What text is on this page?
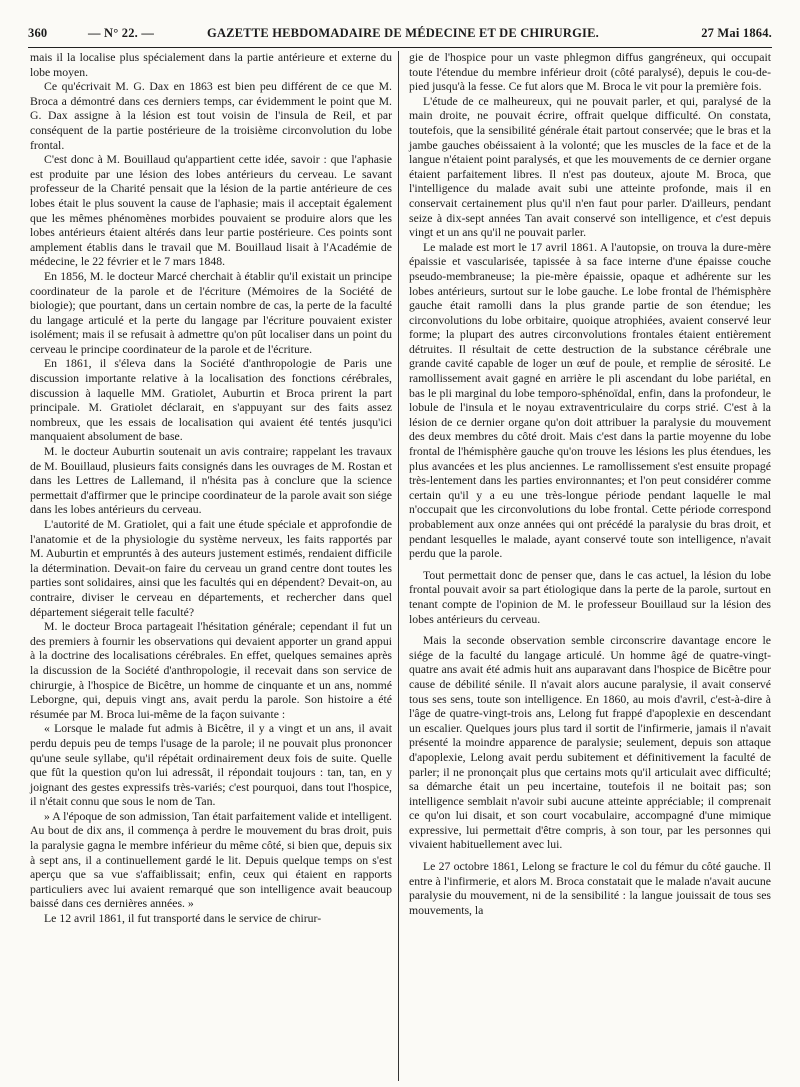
360	— N° 22. —	GAZETTE HEBDOMADAIRE DE MÉDECINE ET DE CHIRURGIE.	27 Mai 1864.

mais il la localise plus spécialement dans la partie antérieure et externe du lobe moyen.

Ce qu'écrivait M. G. Dax en 1863 est bien peu différent de ce que M. Broca a démontré dans ces derniers temps, car évidemment le point que M. G. Dax assigne à la lésion est tout voisin de l'insula de Reil, et par conséquent de la partie postérieure de la troisième circonvolution du lobe frontal.

C'est donc à M. Bouillaud qu'appartient cette idée, savoir : que l'aphasie est produite par une lésion des lobes antérieurs du cerveau. Le savant professeur de la Charité pensait que la lésion de la partie antérieure de ces lobes était le plus souvent la cause de l'aphasie; mais il acceptait également que les mêmes phénomènes morbides pouvaient se produire alors que les lobes antérieurs étaient altérés dans leur partie postérieure. Ces points sont amplement établis dans le travail que M. Bouillaud lisait à l'Académie de médecine, le 22 février et le 7 mars 1848.

En 1856, M. le docteur Marcé cherchait à établir qu'il existait un principe coordinateur de la parole et de l'écriture (Mémoires de la Société de biologie); que pourtant, dans un certain nombre de cas, la perte de la faculté du langage articulé et la perte du langage par l'écriture pouvaient exister isolément; mais il se refusait à admettre qu'on pût localiser dans un point du cerveau le principe coordinateur de la parole et de l'écriture.

En 1861, il s'éleva dans la Société d'anthropologie de Paris une discussion importante relative à la localisation des fonctions cérébrales, discussion à laquelle MM. Gratiolet, Auburtin et Broca prirent la part principale. M. Gratiolet déclarait, en s'appuyant sur des faits assez nombreux, que les essais de localisation qui avaient été tentés jusqu'ici manquaient absolument de base.

M. le docteur Auburtin soutenait un avis contraire; rappelant les travaux de M. Bouillaud, plusieurs faits consignés dans les ouvrages de M. Rostan et dans les Lettres de Lallemand, il n'hésita pas à conclure que la science permettait d'affirmer que le principe coordinateur de la parole avait son siége dans les lobes antérieurs du cerveau.

L'autorité de M. Gratiolet, qui a fait une étude spéciale et approfondie de l'anatomie et de la physiologie du système nerveux, les faits rapportés par M. Auburtin et empruntés à des auteurs justement estimés, rendaient difficile la détermination. Devait-on faire du cerveau un grand centre dont toutes les parties sont solidaires, ainsi que les facultés qui en dépendent? Devait-on, au contraire, diviser le cerveau en départements, et rechercher dans quel département siégerait telle faculté?

M. le docteur Broca partageait l'hésitation générale; cependant il fut un des premiers à fournir les observations qui devaient apporter un grand appui à la doctrine des localisations cérébrales. En effet, quelques semaines après la discussion de la Société d'anthropologie, il recevait dans son service de chirurgie, à l'hospice de Bicêtre, un homme de cinquante et un ans, nommé Leborgne, qui, depuis vingt ans, avait perdu la parole. Son histoire a été résumée par M. Broca lui-même de la façon suivante :

« Lorsque le malade fut admis à Bicêtre, il y a vingt et un ans, il avait perdu depuis peu de temps l'usage de la parole; il ne pouvait plus prononcer qu'une seule syllabe, qu'il répétait ordinairement deux fois de suite. Quelle que fût la question qu'on lui adressât, il répondait toujours : tan, tan, en y joignant des gestes expressifs très-variés; c'est pourquoi, dans tout l'hospice, il n'était connu que sous le nom de Tan.

» A l'époque de son admission, Tan était parfaitement valide et intelligent. Au bout de dix ans, il commença à perdre le mouvement du bras droit, puis la paralysie gagna le membre inférieur du même côté, si bien que, depuis six à sept ans, il a continuellement gardé le lit. Depuis quelque temps on s'est aperçu que sa vue s'affaiblissait; enfin, ceux qui étaient en rapports particuliers avec lui avaient remarqué que son intelligence avait beaucoup baissé dans ces dernières années. »

Le 12 avril 1861, il fut transporté dans le service de chirur-

gie de l'hospice pour un vaste phlegmon diffus gangréneux, qui occupait toute l'étendue du membre inférieur droit (côté paralysé), depuis le cou-de-pied jusqu'à la fesse. Ce fut alors que M. Broca le vit pour la première fois.

L'étude de ce malheureux, qui ne pouvait parler, et qui, paralysé de la main droite, ne pouvait écrire, offrait quelque difficulté. On constata, toutefois, que la sensibilité générale était partout conservée; que le bras et la jambe gauches obéissaient à la volonté; que les muscles de la face et de la langue n'étaient point paralysés, et que les mouvements de ce dernier organe étaient parfaitement libres. Il n'est pas douteux, ajoute M. Broca, que l'intelligence du malade avait subi une atteinte profonde, mais il en conservait certainement plus qu'il n'en faut pour parler. D'ailleurs, pendant seize à dix-sept années Tan avait conservé son intelligence, et c'est depuis vingt et un ans qu'il ne pouvait parler.

Le malade est mort le 17 avril 1861. A l'autopsie, on trouva la dure-mère épaissie et vascularisée, tapissée à sa face interne d'une épaisse couche pseudo-membraneuse; la pie-mère épaissie, opaque et adhérente sur les lobes antérieurs, surtout sur le lobe gauche. Le lobe frontal de l'hémisphère gauche était ramolli dans la plus grande partie de son étendue; les circonvolutions du lobe orbitaire, quoique atrophiées, avaient conservé leur forme; la plupart des autres circonvolutions frontales étaient entièrement détruites. Il résultait de cette destruction de la substance cérébrale une grande cavité capable de loger un œuf de poule, et remplie de sérosité. Le ramollissement avait gagné en arrière le pli ascendant du lobe pariétal, en bas le pli marginal du lobe temporo-sphénoïdal, enfin, dans la profondeur, le lobule de l'insula et le noyau extraventriculaire du corps strié. C'est à la lésion de ce dernier organe qu'on doit attribuer la paralysie du mouvement des deux membres du côté droit. Mais c'est dans la partie moyenne du lobe frontal de l'hémisphère gauche qu'on trouve les lésions les plus étendues, les plus avancées et les plus anciennes. Le ramollissement s'est ensuite propagé très-lentement dans les parties environnantes; et l'on peut considérer comme certain qu'il y a eu une très-longue période pendant laquelle le mal n'occupait que les circonvolutions du lobe frontal. Cette période correspond probablement aux onze années qui ont précédé la paralysie du bras droit, et pendant lesquelles le malade, ayant conservé toute son intelligence, n'avait perdu que la parole.

Tout permettait donc de penser que, dans le cas actuel, la lésion du lobe frontal pouvait avoir sa part étiologique dans la perte de la parole, surtout en tenant compte de l'opinion de M. le professeur Bouillaud sur la lésion des lobes antérieurs du cerveau.

Mais la seconde observation semble circonscrire davantage encore le siége de la faculté du langage articulé. Un homme âgé de quatre-vingt-quatre ans avait été admis huit ans auparavant dans l'hospice de Bicêtre pour cause de débilité sénile. Il n'avait alors aucune paralysie, il avait conservé tous ses sens, toute son intelligence. En 1860, au mois d'avril, c'est-à-dire à l'âge de quatre-vingt-trois ans, Lelong fut frappé d'apoplexie en descendant un escalier. Quelques jours plus tard il sortit de l'infirmerie, jamais il n'avait présenté la moindre apparence de paralysie; seulement, depuis son attaque d'apoplexie, Lelong avait perdu subitement et définitivement la faculté de parler; il ne prononçait plus que certains mots qu'il articulait avec difficulté; sa démarche était un peu incertaine, toutefois il ne boitait pas; son intelligence semblait n'avoir subi aucune atteinte appréciable; il comprenait ce qu'on lui disait, et son court vocabulaire, accompagné d'une mimique expressive, lui permettait d'être compris, à son tour, par les personnes qui vivaient habituellement avec lui.

Le 27 octobre 1861, Lelong se fracture le col du fémur du côté gauche. Il entre à l'infirmerie, et alors M. Broca constatait que le malade n'avait aucune paralysie du mouvement, ni de la sensibilité : la langue jouissait de tous ses mouvements, la
